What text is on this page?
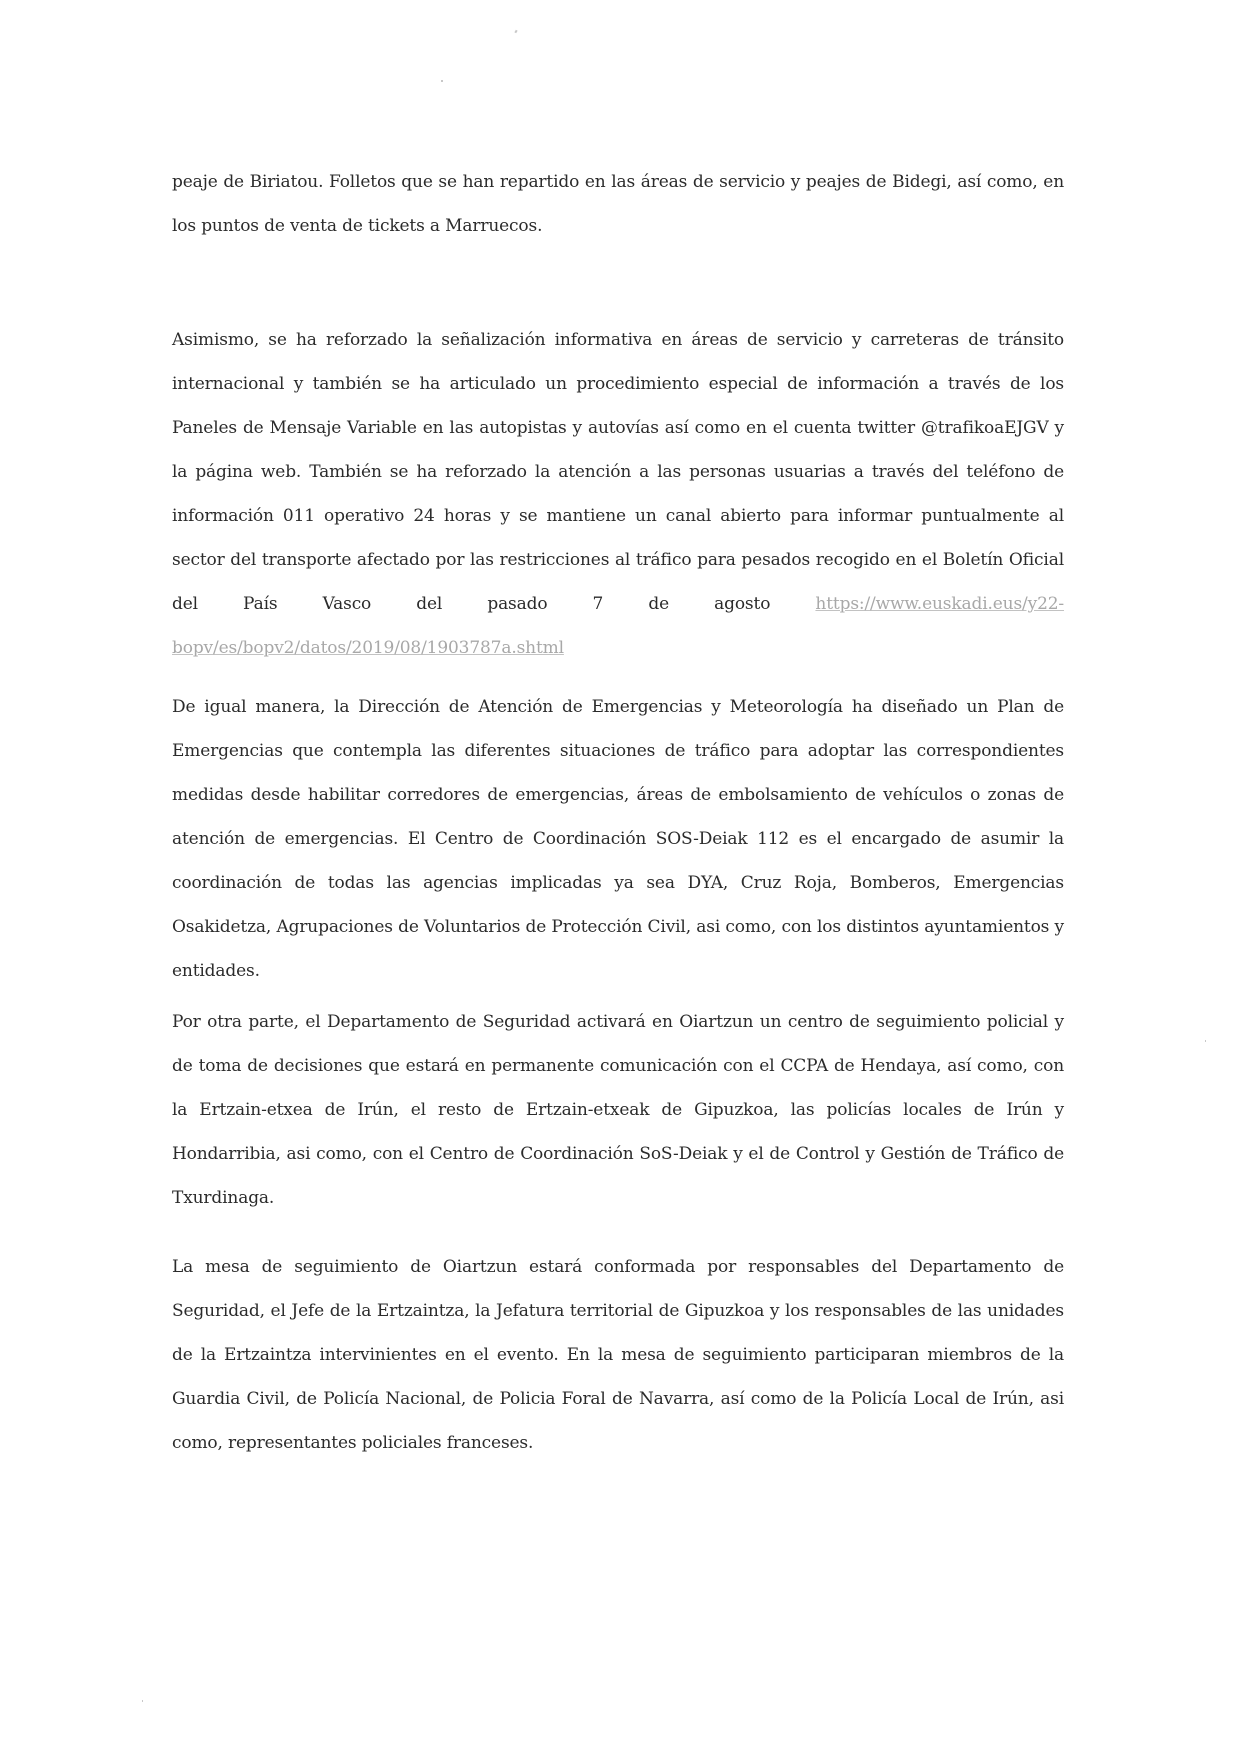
peaje de Biriatou. Folletos que se han repartido en las áreas de servicio y peajes de Bidegi, así como, en los puntos de venta de tickets a Marruecos.

Asimismo, se ha reforzado la señalización informativa en áreas de servicio y carreteras de tránsito internacional y también se ha articulado un procedimiento especial de información a través de los Paneles de Mensaje Variable en las autopistas y autovías así como en el cuenta twitter @trafikoaEJGV y la página web. También se ha reforzado la atención a las personas usuarias a través del teléfono de información 011 operativo 24 horas y se mantiene un canal abierto para informar puntualmente al sector del transporte afectado por las restricciones al tráfico para pesados recogido en el Boletín Oficial del País Vasco del pasado 7 de agosto	https://www.euskadi.eus/y22-bopv/es/bopv2/datos/2019/08/1903787a.shtml

De igual manera, la Dirección de Atención de Emergencias y Meteorología ha diseñado un Plan de Emergencias que contempla las diferentes situaciones de tráfico para adoptar las correspondientes medidas desde habilitar corredores de emergencias, áreas de embolsamiento de vehículos o zonas de atención de emergencias. El Centro de Coordinación SOS-Deiak 112 es el encargado de asumir la coordinación de todas las agencias implicadas ya sea DYA, Cruz Roja, Bomberos, Emergencias Osakidetza, Agrupaciones de Voluntarios de Protección Civil, asi como, con los distintos ayuntamientos y entidades.

Por otra parte, el Departamento de Seguridad activará en Oiartzun un centro de seguimiento policial y de toma de decisiones que estará en permanente comunicación con el CCPA de Hendaya, así como, con la Ertzain-etxea de Irún, el resto de Ertzain-etxeak de Gipuzkoa, las policías locales de Irún y Hondarribia, asi como, con el Centro de Coordinación SoS-Deiak y el de Control y Gestión de Tráfico de Txurdinaga.

La mesa de seguimiento de Oiartzun estará conformada por responsables del Departamento de Seguridad, el Jefe de la Ertzaintza, la Jefatura territorial de Gipuzkoa y los responsables de las unidades de la Ertzaintza intervinientes en el evento. En la mesa de seguimiento participaran miembros de la Guardia Civil, de Policía Nacional, de Policia Foral de Navarra, así como de la Policía Local de Irún, asi como, representantes policiales franceses.
